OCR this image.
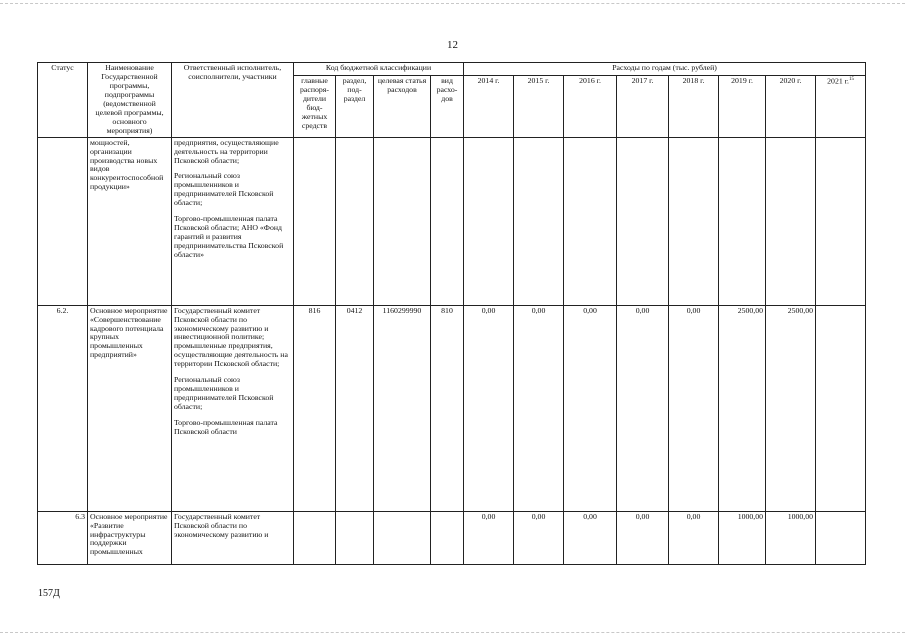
12
Статус	Наименование Государственной программы, подпрограммы (ведомственной целевой программы, основного мероприятия)	Ответственный исполнитель, соисполнители, участники	Код бюджетной классификации				Расходы по годам (тыс. рублей)							
			главные распоря-дители бюд-жетных средств	раздел, под-раздел	целевая статья расходов	вид расхо-дов	2014 г.	2015 г.	2016 г.	2017 г.	2018 г.	2019 г.	2020 г.	2021 г.$^{15}$
	мощностей, организации производства новых видов конкурентоспособной продукции»	предприятия, осуществляющие деятельность на территории Псковской области;
Региональный союз промышленников и предпринимателей Псковской области;
Торгово-промышленная палата Псковской области; АНО «Фонд гарантий и развития предпринимательства Псковской области»												

6.2.	Основное мероприятие «Совершенствование кадрового потенциала крупных промышленных предприятий»	Государственный комитет Псковской области по экономическому развитию и инвестиционной политике; промышленные предприятия, осуществляющие деятельность на территории Псковской области;
Региональный союз промышленников и предпринимателей Псковской области;
Торгово-промышленная палата Псковской области	816	0412	1160299990	810	0,00	0,00	0,00	0,00	0,00	2500,00	2500,00	
6.3	Основное мероприятие «Развитие инфраструктуры поддержки промышленных	Государственный комитет Псковской области по экономическому развитию и					0,00	0,00	0,00	0,00	0,00	1000,00	1000,00	
157Д
